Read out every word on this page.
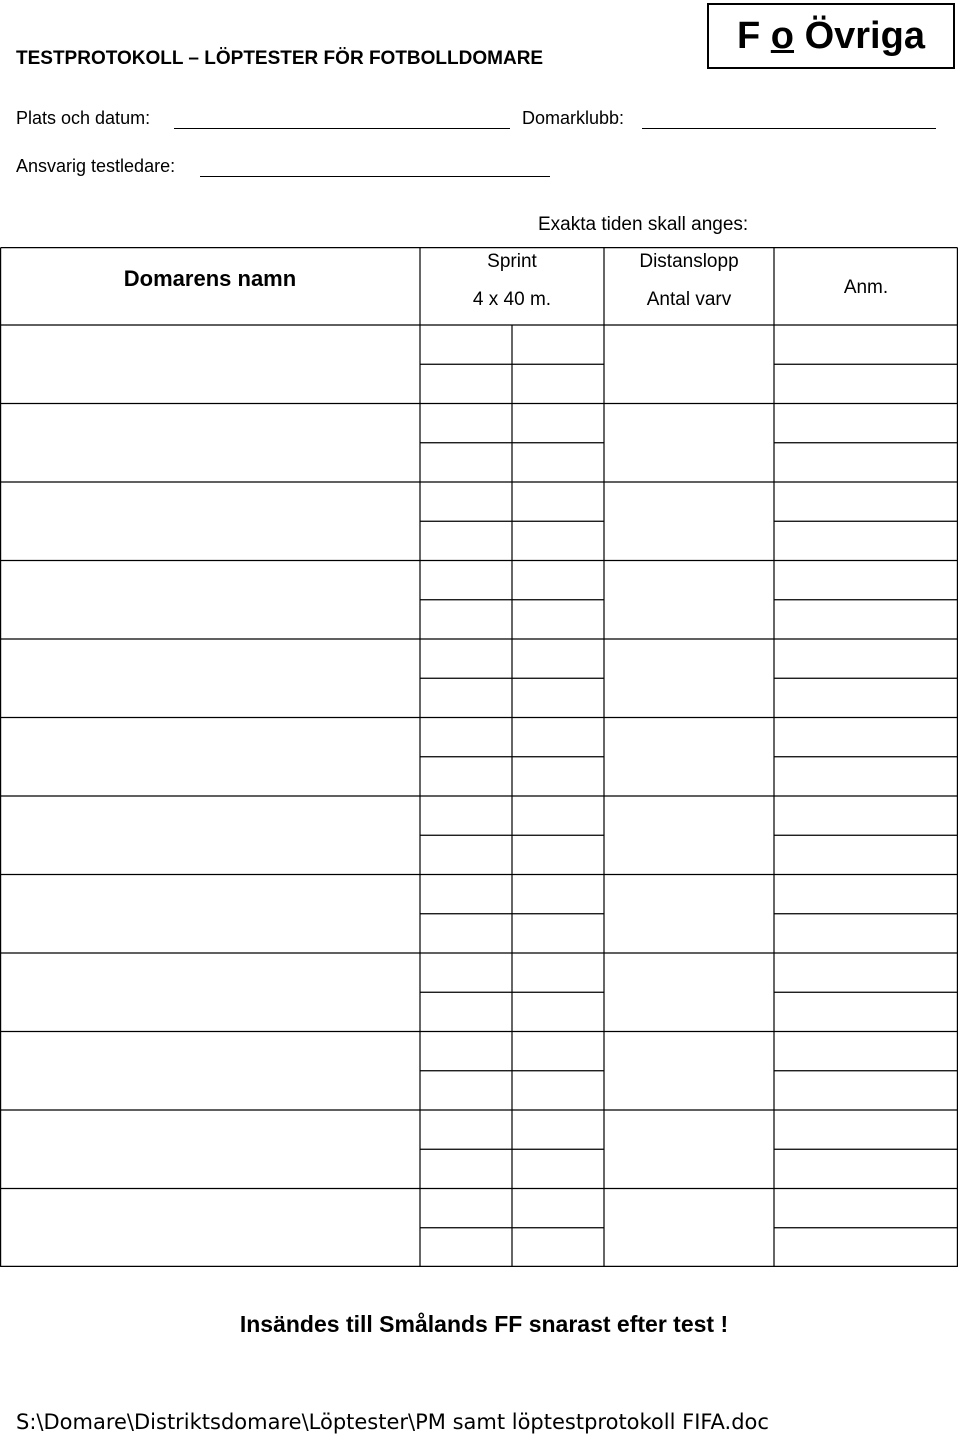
TESTPROTOKOLL – LÖPTESTER FÖR FOTBOLLDOMARE
F o Övriga
Plats och datum:	Domarklubb:
Ansvarig testledare:
Exakta tiden skall anges:
Domarens namn
Sprint
4 x 40 m.
Distanslopp
Antal varv
Anm.
Insändes till Smålands FF snarast efter test !
S:\Domare\Distriktsdomare\Löptester\PM samt löptestprotokoll FIFA.doc
